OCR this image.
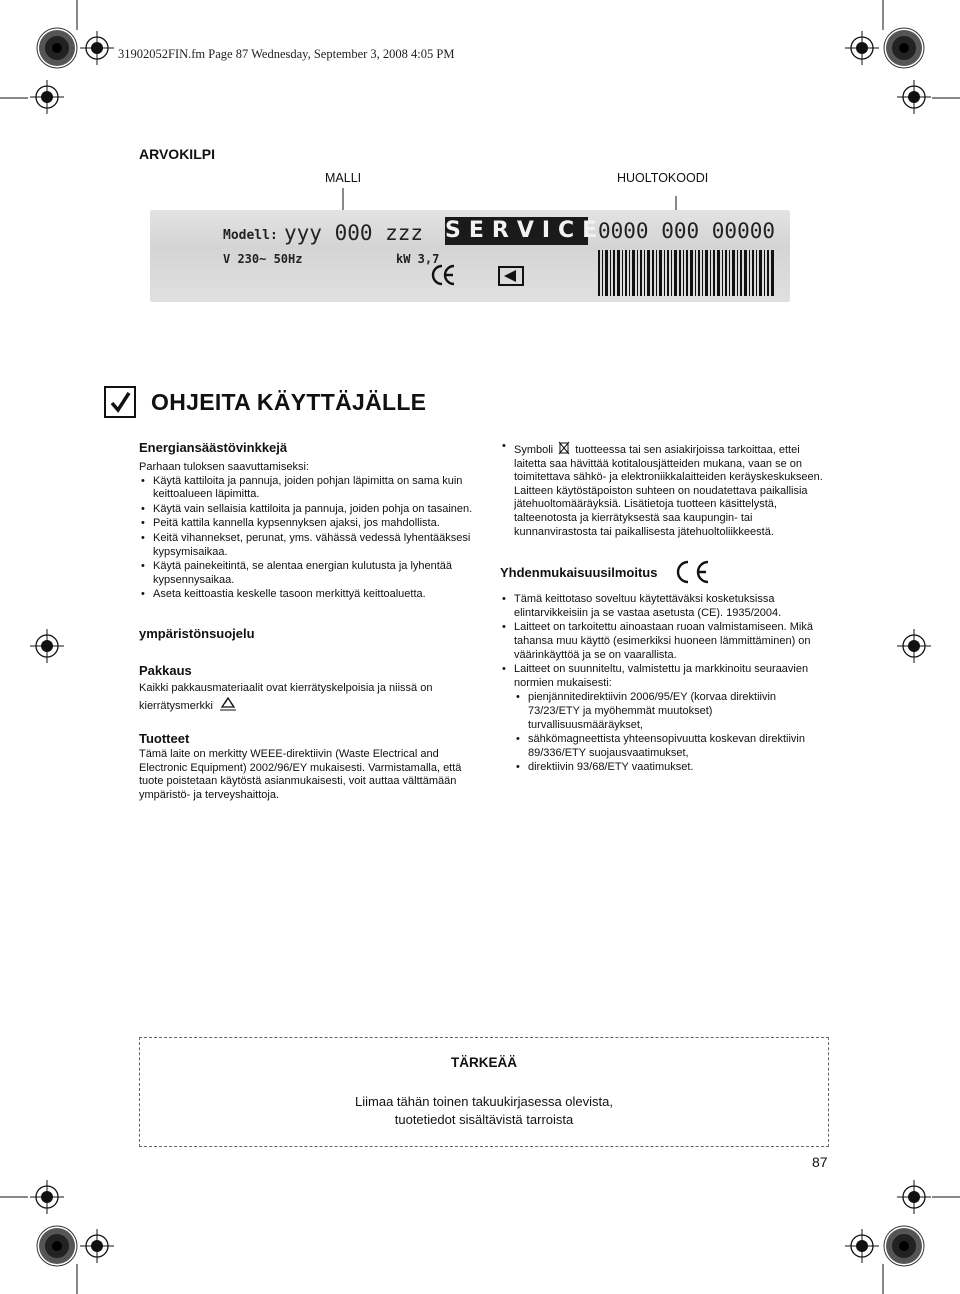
31902052FIN.fm Page 87 Wednesday, September 3, 2008 4:05 PM
ARVOKILPI
MALLI	HUOLTOKOODI
Modell: yyy 000 zzz
V 230~ 50Hz	kW 3,7
SERVICE
0000 000 00000
OHJEITA KÄYTTÄJÄLLE
Energiansäästövinkkejä
Parhaan tuloksen saavuttamiseksi:
• Käytä kattiloita ja pannuja, joiden pohjan läpimitta on sama kuin keittoalueen läpimitta.
• Käytä vain sellaisia kattiloita ja pannuja, joiden pohja on tasainen.
• Peitä kattila kannella kypsennyksen ajaksi, jos mahdollista.
• Keitä vihannekset, perunat, yms. vähässä vedessä lyhentääksesi kypsymisaikaa.
• Käytä painekeitintä, se alentaa energian kulutusta ja lyhentää kypsennysaikaa.
• Aseta keittoastia keskelle tasoon merkittyä keittoaluetta.
ympäristönsuojelu
Pakkaus
Kaikki pakkausmateriaalit ovat kierrätyskelpoisia ja niissä on kierrätysmerkki
Tuotteet
Tämä laite on merkitty WEEE-direktiivin (Waste Electrical and Electronic Equipment) 2002/96/EY mukaisesti. Varmistamalla, että tuote poistetaan käytöstä asianmukaisesti, voit auttaa välttämään ympäristö- ja terveyshaittoja.
• Symboli tuotteessa tai sen asiakirjoissa tarkoittaa, ettei laitetta saa hävittää kotitalousjätteiden mukana, vaan se on toimitettava sähkö- ja elektroniikkalaitteiden keräyskeskukseen. Laitteen käytöstäpoiston suhteen on noudatettava paikallisia jätehuoltomääräyksiä. Lisätietoja tuotteen käsittelystä, talteenotosta ja kierrätyksestä saa kaupungin- tai kunnanvirastosta tai paikallisesta jätehuoltoliikkeestä.
Yhdenmukaisuusilmoitus
• Tämä keittotaso soveltuu käytettäväksi kosketuksissa elintarvikkeisiin ja se vastaa asetusta (CE). 1935/2004.
• Laitteet on tarkoitettu ainoastaan ruoan valmistamiseen. Mikä tahansa muu käyttö (esimerkiksi huoneen lämmittäminen) on väärinkäyttöä ja se on vaarallista.
• Laitteet on suunniteltu, valmistettu ja markkinoitu seuraavien normien mukaisesti:
• pienjännitedirektiivin 2006/95/EY (korvaa direktiivin 73/23/ETY ja myöhemmät muutokset) turvallisuusmääräykset,
• sähkömagneettista yhteensopivuutta koskevan direktiivin 89/336/ETY suojausvaatimukset,
• direktiivin 93/68/ETY vaatimukset.
TÄRKEÄÄ
Liimaa tähän toinen takuukirjasessa olevista,
tuotetiedot sisältävistä tarroista
87
